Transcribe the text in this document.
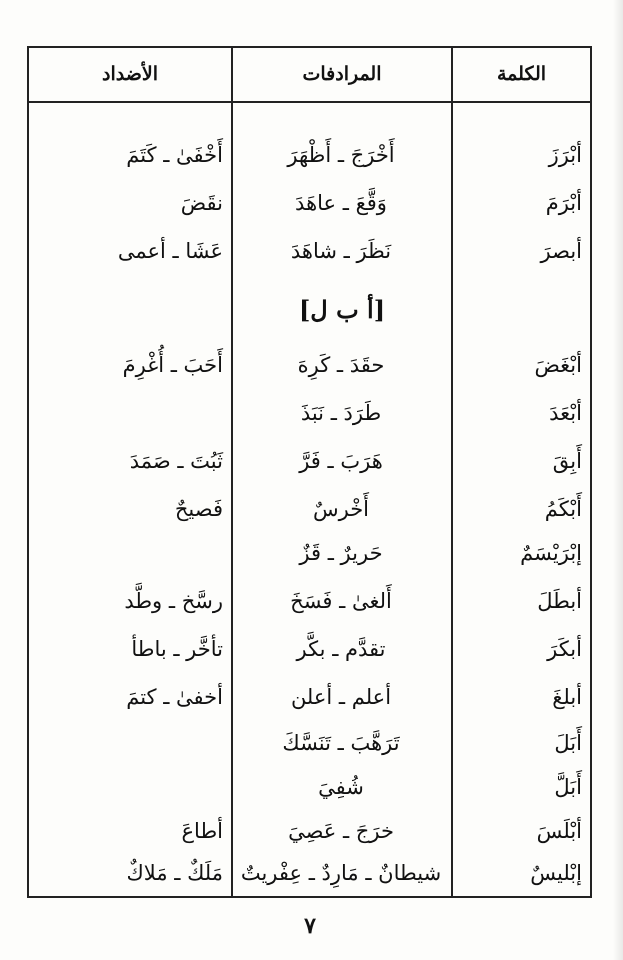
الكلمة
المرادفات
الأضداد
أبْرَزَ
أَخْرَجَ ـ أَظْهَرَ
أَخْفَىٰ ـ كَتَمَ
أبْرَمَ
وَقَّعَ ـ عاهَدَ
نقَضَ
أبصرَ
نَظَرَ ـ شاهَدَ
عَشَا ـ أعمى
[أ ب ل]
أبْغَضَ
حقَدَ ـ كَرِهَ
أَحَبَ ـ أُغْرِمَ
أبْعَدَ
طَرَدَ ـ نَبَذَ
أَبِقَ
هَرَبَ ـ فَرَّ
ثَبُتَ ـ صَمَدَ
أَبْكَمُ
أَخْرسٌ
فَصيحٌ
إبْرَيْسَمٌ
حَريرٌ ـ قَزٌ
أبطَلَ
أَلغىٰ ـ فَسَخَ
رسَّخ ـ وطَّد
أبكَرَ
تقدَّم ـ بكَّر
تأخَّر ـ باطأ
أبلغَ
أعلم ـ أعلن
أخفىٰ ـ كتمَ
أَبَلَ
تَرَهَّبَ ـ تَنَسَّكَ
أَبَلَّ
شُفِيَ
أبْلَسَ
خرَجَ ـ عَصِيَ
أطاعَ
إبْليسٌ
شيطانٌ ـ مَارِدٌ ـ عِفْريتٌ
مَلَكٌ ـ مَلاكٌ
٧
